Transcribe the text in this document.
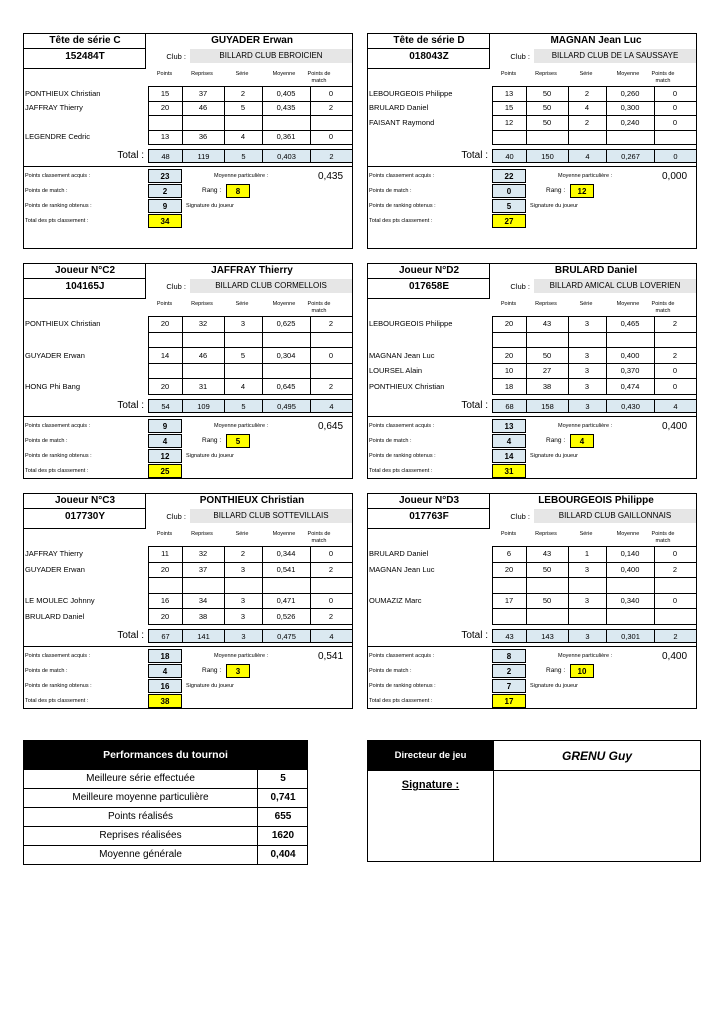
Tête de série C
152484T
GUYADER Erwan
Club :	BILLARD CLUB EBROICIEN
Points	Reprises	Série	Moyenne	Points de match
PONTHIEUX Christian	15	37	2	0,405	0
JAFFRAY Thierry	20	46	5	0,435	2
LEGENDRE Cedric	13	36	4	0,361	0
Total :	48	119	5	0,403	2
Points classement acquis :	23
Points de match :	2
Points de ranking obtenus :	9
Total des pts classement :	34
Moyenne particulière :	0,435
Rang :	8
Signature du joueur
Tête de série D
018043Z
MAGNAN Jean Luc
Club :	BILLARD CLUB DE LA SAUSSAYE
Points	Reprises	Série	Moyenne	Points de match
LEBOURGEOIS Philippe	13	50	2	0,260	0
BRULARD Daniel	15	50	4	0,300	0
FAISANT Raymond	12	50	2	0,240	0
Total :	40	150	4	0,267	0
Points classement acquis :	22
Points de match :	0
Points de ranking obtenus :	5
Total des pts classement :	27
Moyenne particulière :	0,000
Rang :	12
Signature du joueur
Joueur N°C2
104165J
JAFFRAY Thierry
Club :	BILLARD CLUB CORMELLOIS
Points	Reprises	Série	Moyenne	Points de match
PONTHIEUX Christian	20	32	3	0,625	2
GUYADER Erwan	14	46	5	0,304	0
HONG Phi Bang	20	31	4	0,645	2
Total :	54	109	5	0,495	4
Points classement acquis :	9
Points de match :	4
Points de ranking obtenus :	12
Total des pts classement :	25
Moyenne particulière :	0,645
Rang :	5
Signature du joueur
Joueur N°D2
017658E
BRULARD Daniel
Club :	BILLARD AMICAL CLUB LOVERIEN
Points	Reprises	Série	Moyenne	Points de match
LEBOURGEOIS Philippe	20	43	3	0,465	2
MAGNAN Jean Luc	20	50	3	0,400	2
LOURSEL Alain	10	27	3	0,370	0
PONTHIEUX Christian	18	38	3	0,474	0
Total :	68	158	3	0,430	4
Points classement acquis :	13
Points de match :	4
Points de ranking obtenus :	14
Total des pts classement :	31
Moyenne particulière :	0,400
Rang :	4
Signature du joueur
Joueur N°C3
017730Y
PONTHIEUX Christian
Club :	BILLARD CLUB SOTTEVILLAIS
Points	Reprises	Série	Moyenne	Points de match
JAFFRAY Thierry	11	32	2	0,344	0
GUYADER Erwan	20	37	3	0,541	2
LE MOULEC Johnny	16	34	3	0,471	0
BRULARD Daniel	20	38	3	0,526	2
Total :	67	141	3	0,475	4
Points classement acquis :	18
Points de match :	4
Points de ranking obtenus :	16
Total des pts classement :	38
Moyenne particulière :	0,541
Rang :	3
Signature du joueur
Joueur N°D3
017763F
LEBOURGEOIS Philippe
Club :	BILLARD CLUB GAILLONNAIS
Points	Reprises	Série	Moyenne	Points de match
BRULARD Daniel	6	43	1	0,140	0
MAGNAN Jean Luc	20	50	3	0,400	2
OUMAZIZ Marc	17	50	3	0,340	0
Total :	43	143	3	0,301	2
Points classement acquis :	8
Points de match :	2
Points de ranking obtenus :	7
Total des pts classement :	17
Moyenne particulière :	0,400
Rang :	10
Signature du joueur
Performances du tournoi
Meilleure série effectuée	5
Meilleure moyenne particulière	0,741
Points réalisés	655
Reprises réalisées	1620
Moyenne générale	0,404
Directeur de jeu	GRENU Guy
Signature :
